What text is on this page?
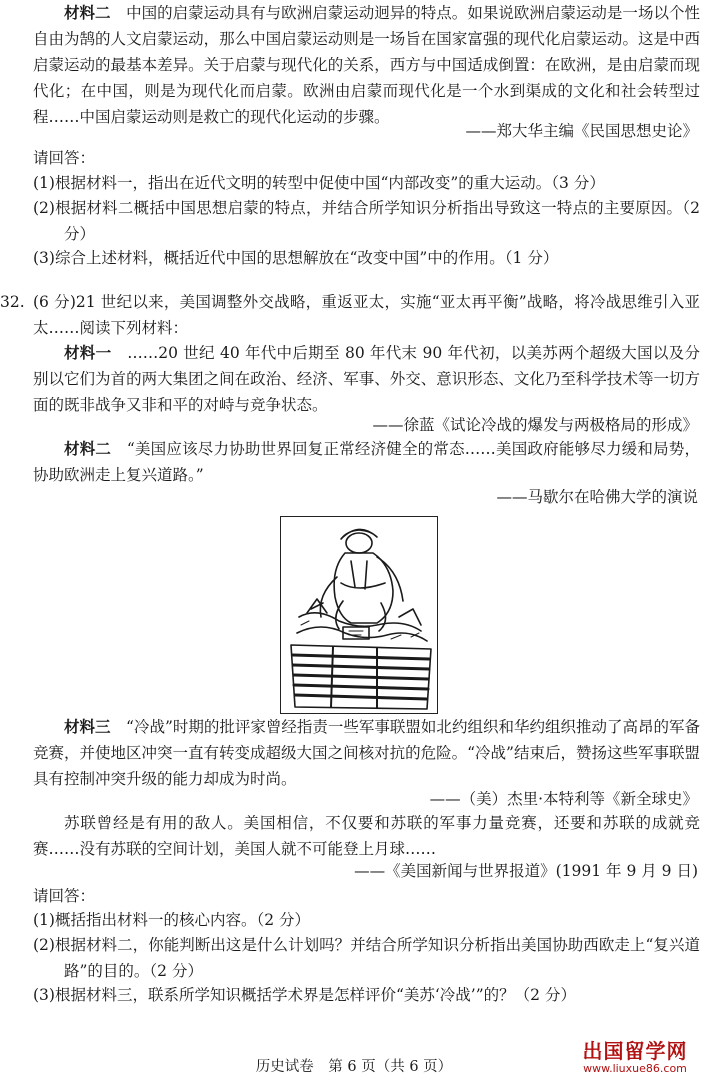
材料二　 中国的启蒙运动具有与欧洲启蒙运动迥异的特点。如果说欧洲启蒙运动是一场以个性自由为鹄的人文启蒙运动，那么中国启蒙运动则是一场旨在国家富强的现代化启蒙运动。这是中西启蒙运动的最基本差异。关于启蒙与现代化的关系，西方与中国适成倒置：在欧洲，是由启蒙而现代化；在中国，则是为现代化而启蒙。欧洲由启蒙而现代化是一个水到渠成的文化和社会转型过程……中国启蒙运动则是救亡的现代化运动的步骤。

——郑大华主编《民国思想史论》

请回答：

(1)根据材料一，指出在近代文明的转型中促使中国“内部改变”的重大运动。（3 分）

(2)根据材料二概括中国思想启蒙的特点，并结合所学知识分析指出导致这一特点的主要原因。（2 分）

(3)综合上述材料，概括近代中国的思想解放在“改变中国”中的作用。（1 分）

32. (6 分)21 世纪以来，美国调整外交战略，重返亚太，实施“亚太再平衡”战略，将冷战思维引入亚太……阅读下列材料：

材料一　 ……20 世纪 40 年代中后期至 80 年代末 90 年代初，以美苏两个超级大国以及分别以它们为首的两大集团之间在政治、经济、军事、外交、意识形态、文化乃至科学技术等一切方面的既非战争又非和平的对峙与竞争状态。

——徐蓝《试论冷战的爆发与两极格局的形成》

材料二　 “美国应该尽力协助世界回复正常经济健全的常态……美国政府能够尽力缓和局势，协助欧洲走上复兴道路。”

——马歇尔在哈佛大学的演说

材料三　 “冷战”时期的批评家曾经指责一些军事联盟如北约组织和华约组织推动了高昂的军备竞赛，并使地区冲突一直有转变成超级大国之间核对抗的危险。“冷战”结束后，赞扬这些军事联盟具有控制冲突升级的能力却成为时尚。

——（美）杰里·本特利等《新全球史》

苏联曾经是有用的敌人。美国相信，不仅要和苏联的军事力量竞赛，还要和苏联的成就竞赛……没有苏联的空间计划，美国人就不可能登上月球……

——《美国新闻与世界报道》(1991 年 9 月 9 日)

请回答：

(1)概括指出材料一的核心内容。（2 分）

(2)根据材料二，你能判断出这是什么计划吗？并结合所学知识分析指出美国协助西欧走上“复兴道路”的目的。（2 分）

(3)根据材料三，联系所学知识概括学术界是怎样评价“美苏‘冷战’”的？（2 分）

历史试卷　第 6 页（共 6 页）
出国留学网
www.liuxue86.com
